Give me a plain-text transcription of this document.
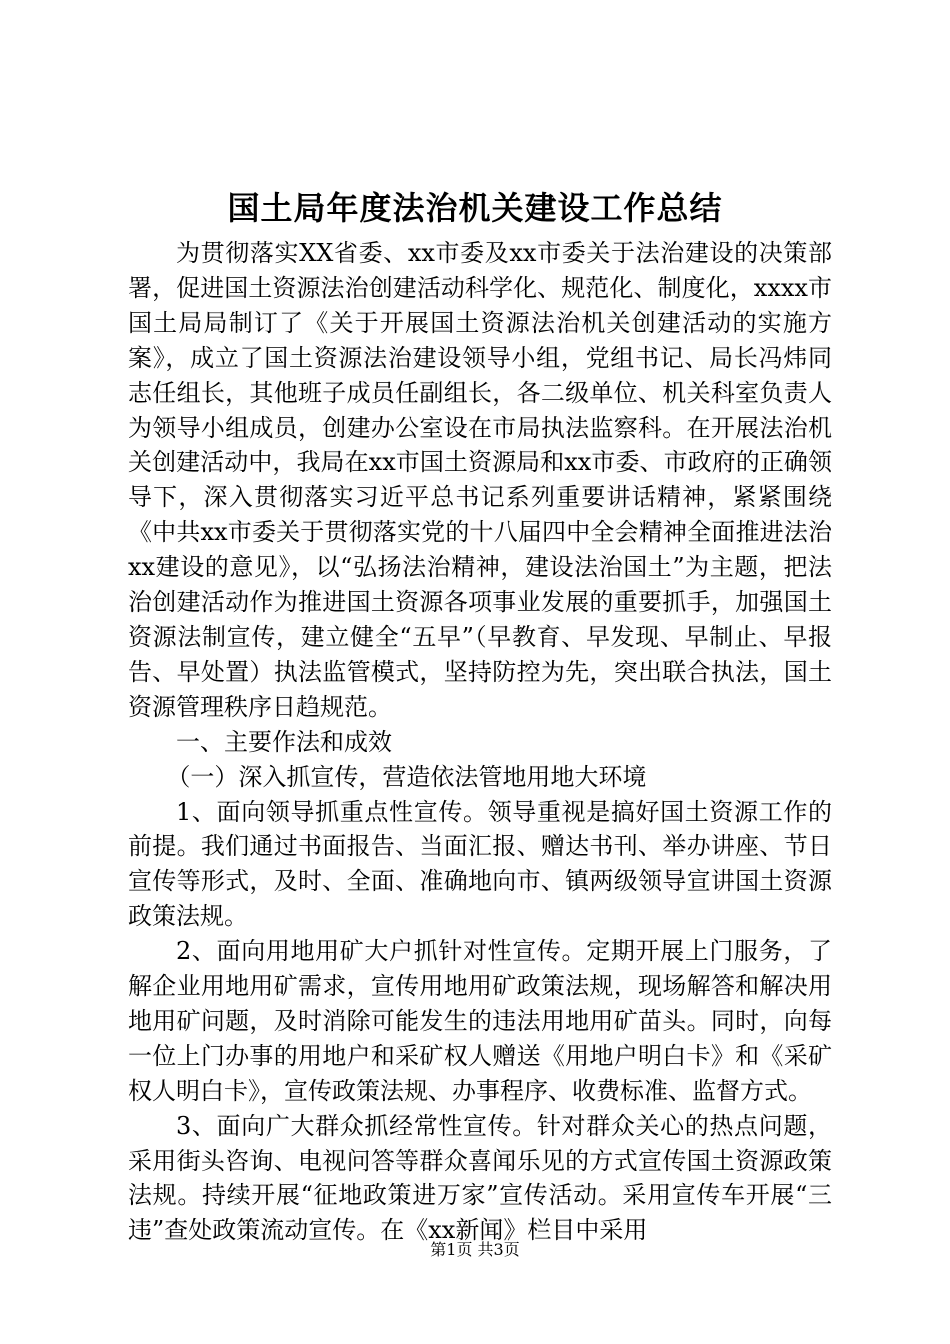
国土局年度法治机关建设工作总结

为贯彻落实XX省委、xx市委及xx市委关于法治建设的决策部署，促进国土资源法治创建活动科学化、规范化、制度化，xxxx市国土局局制订了《关于开展国土资源法治机关创建活动的实施方案》，成立了国土资源法治建设领导小组，党组书记、局长冯炜同志任组长，其他班子成员任副组长，各二级单位、机关科室负责人为领导小组成员，创建办公室设在市局执法监察科。在开展法治机关创建活动中，我局在xx市国土资源局和xx市委、市政府的正确领导下，深入贯彻落实习近平总书记系列重要讲话精神，紧紧围绕《中共xx市委关于贯彻落实党的十八届四中全会精神全面推进法治xx建设的意见》，以“弘扬法治精神，建设法治国土”为主题，把法治创建活动作为推进国土资源各项事业发展的重要抓手，加强国土资源法制宣传，建立健全“五早”（早教育、早发现、早制止、早报告、早处置）执法监管模式，坚持防控为先，突出联合执法，国土资源管理秩序日趋规范。

一、主要作法和成效

（一）深入抓宣传，营造依法管地用地大环境

1、面向领导抓重点性宣传。领导重视是搞好国土资源工作的前提。我们通过书面报告、当面汇报、赠达书刊、举办讲座、节日宣传等形式，及时、全面、准确地向市、镇两级领导宣讲国土资源政策法规。

2、面向用地用矿大户抓针对性宣传。定期开展上门服务，了解企业用地用矿需求，宣传用地用矿政策法规，现场解答和解决用地用矿问题，及时消除可能发生的违法用地用矿苗头。同时，向每一位上门办事的用地户和采矿权人赠送《用地户明白卡》和《采矿权人明白卡》，宣传政策法规、办事程序、收费标准、监督方式。

3、面向广大群众抓经常性宣传。针对群众关心的热点问题，采用街头咨询、电视问答等群众喜闻乐见的方式宣传国土资源政策法规。持续开展“征地政策进万家”宣传活动。采用宣传车开展“三违”查处政策流动宣传。在《xx新闻》栏目中采用

第1页 共3页
